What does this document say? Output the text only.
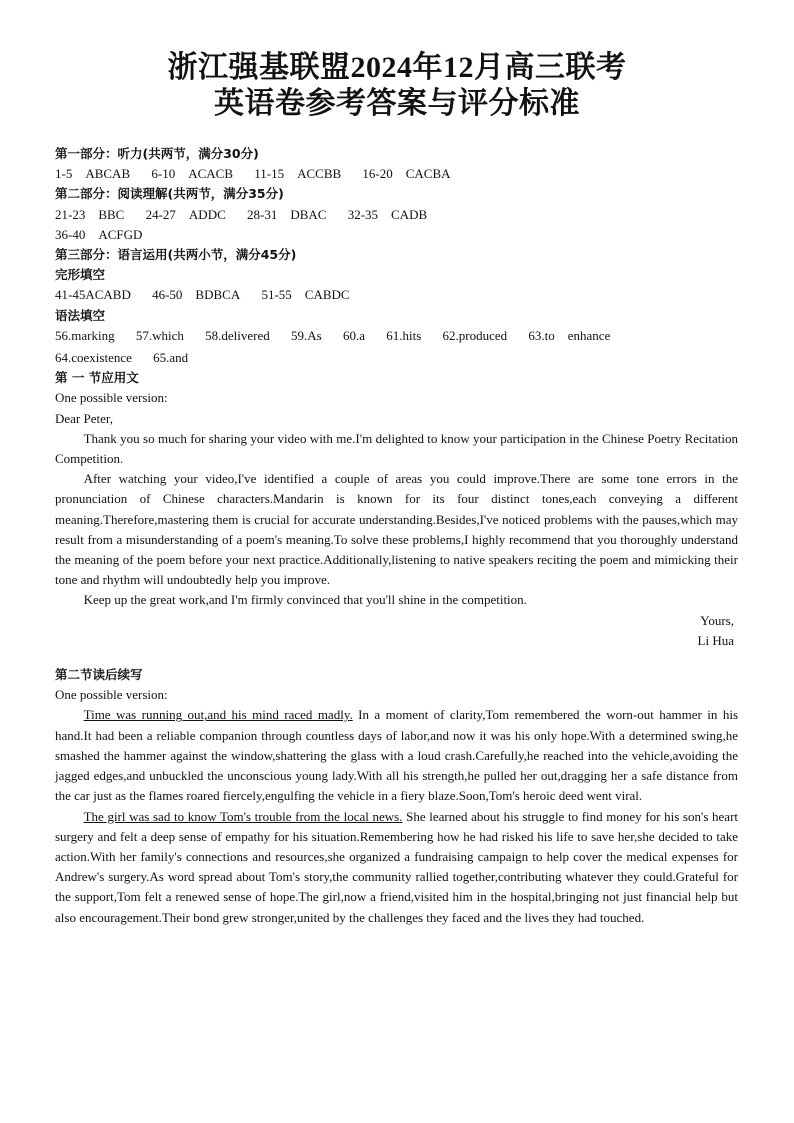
浙江强基联盟2024年12月高三联考
英语卷参考答案与评分标准
第一部分：听力(共两节，满分30分)
1-5　ABCAB 6-10　ACACB 11-15　ACCBB 16-20　CACBA
第二部分：阅读理解(共两节，满分35分)
21-23　BBC 24-27　ADDC 28-31　DBAC 32-35　CADB
36-40　ACFGD
第三部分：语言运用(共两小节，满分45分)
完形填空
41-45ACABD 46-50　BDBCA 51-55　CABDC
语法填空
56.marking 57.which 58.delivered 59.As 60.a 61.hits 62.produced 63.to　enhance
64.coexistence 65.and
第 一 节应用文

One possible version:

Dear Peter,

Thank you so much for sharing your video with me.I'm delighted to know your participation in the Chinese Poetry Recitation Competition.

After watching your video,I've identified a couple of areas you could improve.There are some tone errors in the pronunciation of Chinese characters.Mandarin is known for its four distinct tones,each conveying a different meaning.Therefore,mastering them is crucial for accurate understanding.Besides,I've noticed problems with the pauses,which may result from a misunderstanding of a poem's meaning.To solve these problems,I highly recommend that you thoroughly understand the meaning of the poem before your next practice.Additionally,listening to native speakers reciting the poem and mimicking their tone and rhythm will undoubtedly help you improve.

Keep up the great work,and I'm firmly convinced that you'll shine in the competition.

Yours,

Li Hua

第二节读后续写

One possible version:

Time was running out,and his mind raced madly. In a moment of clarity,Tom remembered the worn-out hammer in his hand.It had been a reliable companion through countless days of labor,and now it was his only hope.With a determined swing,he smashed the hammer against the window,shattering the glass with a loud crash.Carefully,he reached into the vehicle,avoiding the jagged edges,and unbuckled the unconscious young lady.With all his strength,he pulled her out,dragging her a safe distance from the car just as the flames roared fiercely,engulfing the vehicle in a fiery blaze.Soon,Tom's heroic deed went viral.

The girl was sad to know Tom's trouble from the local news. She learned about his struggle to find money for his son's heart surgery and felt a deep sense of empathy for his situation.Remembering how he had risked his life to save her,she decided to take action.With her family's connections and resources,she organized a fundraising campaign to help cover the medical expenses for Andrew's surgery.As word spread about Tom's story,the community rallied together,contributing whatever they could.Grateful for the support,Tom felt a renewed sense of hope.The girl,now a friend,visited him in the hospital,bringing not just financial help but also encouragement.Their bond grew stronger,united by the challenges they faced and the lives they had touched.
